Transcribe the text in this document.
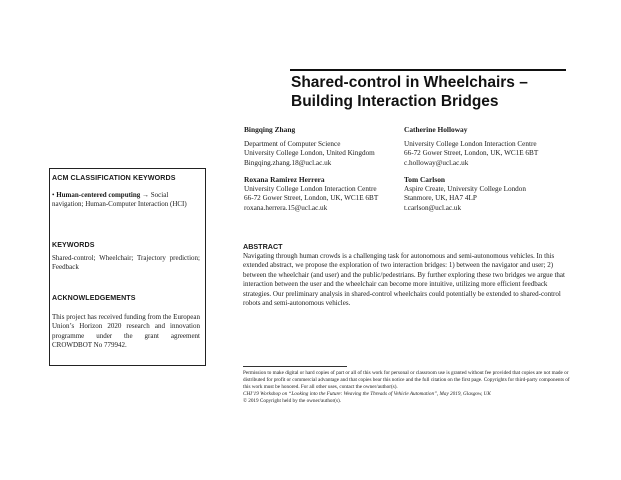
Shared-control in Wheelchairs – Building Interaction Bridges
Bingqing Zhang
Department of Computer Science
University College London, United Kingdom
Bingqing.zhang.18@ucl.ac.uk
Catherine Holloway
University College London Interaction Centre
66-72 Gower Street, London, UK, WC1E 6BT
c.holloway@ucl.ac.uk
Roxana Ramirez Herrera
University College London Interaction Centre
66-72 Gower Street, London, UK, WC1E 6BT
roxana.herrera.15@ucl.ac.uk
Tom Carlson
Aspire Create, University College London
Stanmore, UK, HA7 4LP
t.carlson@ucl.ac.uk
ACM CLASSIFICATION KEYWORDS
• Human-centered computing → Social navigation; Human-Computer Interaction (HCI)
KEYWORDS
Shared-control; Wheelchair; Trajectory prediction; Feedback
ACKNOWLEDGEMENTS
This project has received funding from the European Union’s Horizon 2020 research and innovation programme under the grant agreement CROWDBOT No 779942.
ABSTRACT
Navigating through human crowds is a challenging task for autonomous and semi-autonomous vehicles. In this extended abstract, we propose the exploration of two interaction bridges: 1) between the navigator and user; 2) between the wheelchair (and user) and the public/pedestrians. By further exploring these two bridges we argue that interaction between the user and the wheelchair can become more intuitive, utilizing more efficient feedback strategies. Our preliminary analysis in shared-control wheelchairs could potentially be extended to shared-control robots and semi-autonomous vehicles.
Permission to make digital or hard copies of part or all of this work for personal or classroom use is granted without fee provided that copies are not made or distributed for profit or commercial advantage and that copies bear this notice and the full citation on the first page. Copyrights for third-party components of this work must be honored. For all other uses, contact the owner/author(s).
CHI’19 Workshop on “Looking into the Future: Weaving the Threads of Vehicle Automation”, May 2019, Glasgow, UK
© 2019 Copyright held by the owner/author(s).
